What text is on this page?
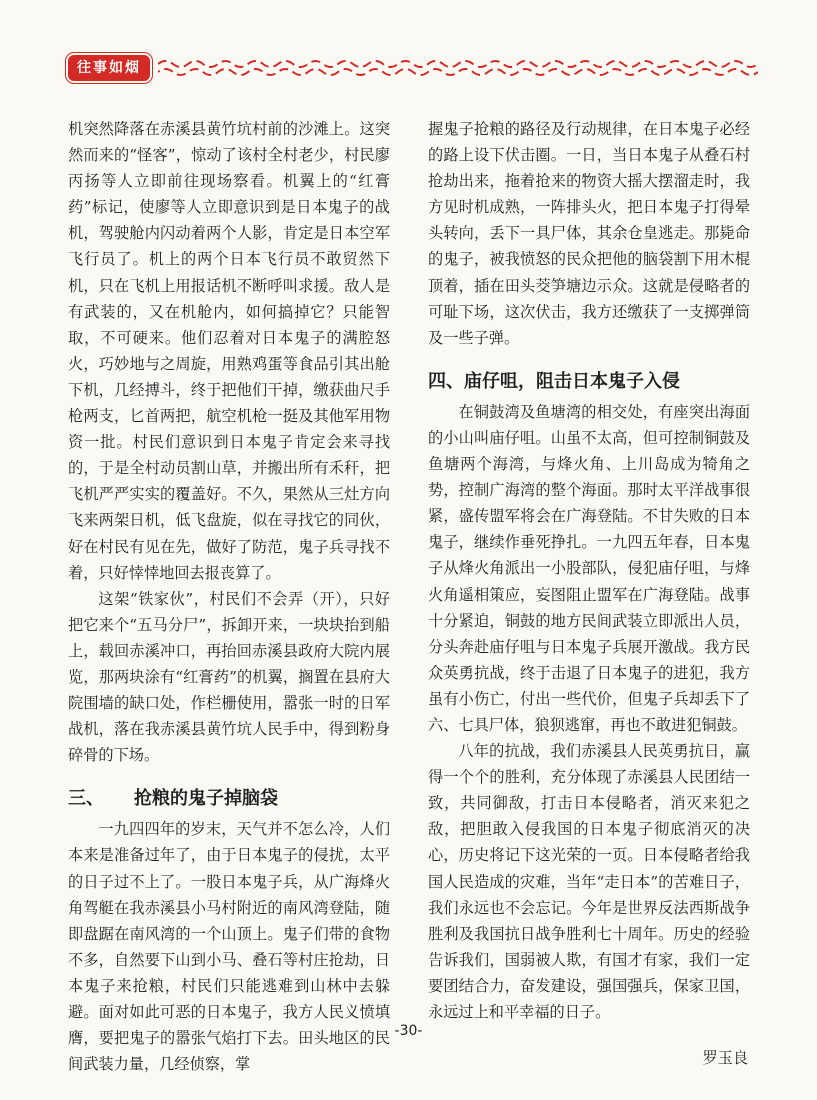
往事如烟

机突然降落在赤溪县黄竹坑村前的沙滩上。这突然而来的“怪客”，惊动了该村全村老少，村民廖丙扬等人立即前往现场察看。机翼上的“红膏药”标记，使廖等人立即意识到是日本鬼子的战机，驾驶舱内闪动着两个人影，肯定是日本空军飞行员了。机上的两个日本飞行员不敢贸然下机，只在飞机上用报话机不断呼叫求援。敌人是有武装的，又在机舱内，如何搞掉它？只能智取，不可硬来。他们忍着对日本鬼子的满腔怒火，巧妙地与之周旋，用熟鸡蛋等食品引其出舱下机，几经搏斗，终于把他们干掉，缴获曲尺手枪两支，匕首两把，航空机枪一挺及其他军用物资一批。村民们意识到日本鬼子肯定会来寻找的，于是全村动员割山草，并搬出所有禾秆，把飞机严严实实的覆盖好。不久，果然从三灶方向飞来两架日机，低飞盘旋，似在寻找它的同伙，好在村民有见在先，做好了防范，鬼子兵寻找不着，只好悻悻地回去报丧算了。

这架“铁家伙”，村民们不会弄（开），只好把它来个“五马分尸”，拆卸开来，一块块抬到船上，载回赤溪冲口，再抬回赤溪县政府大院内展览，那两块涂有“红膏药”的机翼，搁置在县府大院围墙的缺口处，作栏栅使用，嚣张一时的日军战机，落在我赤溪县黄竹坑人民手中，得到粉身碎骨的下场。

三、 抢粮的鬼子掉脑袋

一九四四年的岁末，天气并不怎么冷，人们本来是准备过年了，由于日本鬼子的侵扰，太平的日子过不上了。一股日本鬼子兵，从广海烽火角驾艇在我赤溪县小马村附近的南风湾登陆，随即盘踞在南风湾的一个山顶上。鬼子们带的食物不多，自然要下山到小马、叠石等村庄抢劫，日本鬼子来抢粮，村民们只能逃难到山林中去躲避。面对如此可恶的日本鬼子，我方人民义愤填膺，要把鬼子的嚣张气焰打下去。田头地区的民间武装力量，几经侦察，掌

握鬼子抢粮的路径及行动规律，在日本鬼子必经的路上设下伏击圈。一日，当日本鬼子从叠石村抢劫出来，拖着抢来的物资大摇大摆溜走时，我方见时机成熟，一阵排头火，把日本鬼子打得晕头转向，丢下一具尸体，其余仓皇逃走。那毙命的鬼子，被我愤怒的民众把他的脑袋割下用木棍顶着，插在田头茭笋塘边示众。这就是侵略者的可耻下场，这次伏击，我方还缴获了一支掷弹筒及一些子弹。

四、庙仔咀，阻击日本鬼子入侵

在铜鼓湾及鱼塘湾的相交处，有座突出海面的小山叫庙仔咀。山虽不太高，但可控制铜鼓及鱼塘两个海湾，与烽火角、上川岛成为犄角之势，控制广海湾的整个海面。那时太平洋战事很紧，盛传盟军将会在广海登陆。不甘失败的日本鬼子，继续作垂死挣扎。一九四五年春，日本鬼子从烽火角派出一小股部队，侵犯庙仔咀，与烽火角遥相策应，妄图阻止盟军在广海登陆。战事十分紧迫，铜鼓的地方民间武装立即派出人员，分头奔赴庙仔咀与日本鬼子兵展开激战。我方民众英勇抗战，终于击退了日本鬼子的进犯，我方虽有小伤亡，付出一些代价，但鬼子兵却丢下了六、七具尸体，狼狈逃窜，再也不敢进犯铜鼓。

八年的抗战，我们赤溪县人民英勇抗日，赢得一个个的胜利，充分体现了赤溪县人民团结一致，共同御敌，打击日本侵略者，消灭来犯之敌，把胆敢入侵我国的日本鬼子彻底消灭的决心，历史将记下这光荣的一页。日本侵略者给我国人民造成的灾难，当年“走日本”的苦难日子，我们永远也不会忘记。今年是世界反法西斯战争胜利及我国抗日战争胜利七十周年。历史的经验告诉我们，国弱被人欺，有国才有家，我们一定要团结合力，奋发建设，强国强兵，保家卫国，永远过上和平幸福的日子。

罗玉良
-30-
